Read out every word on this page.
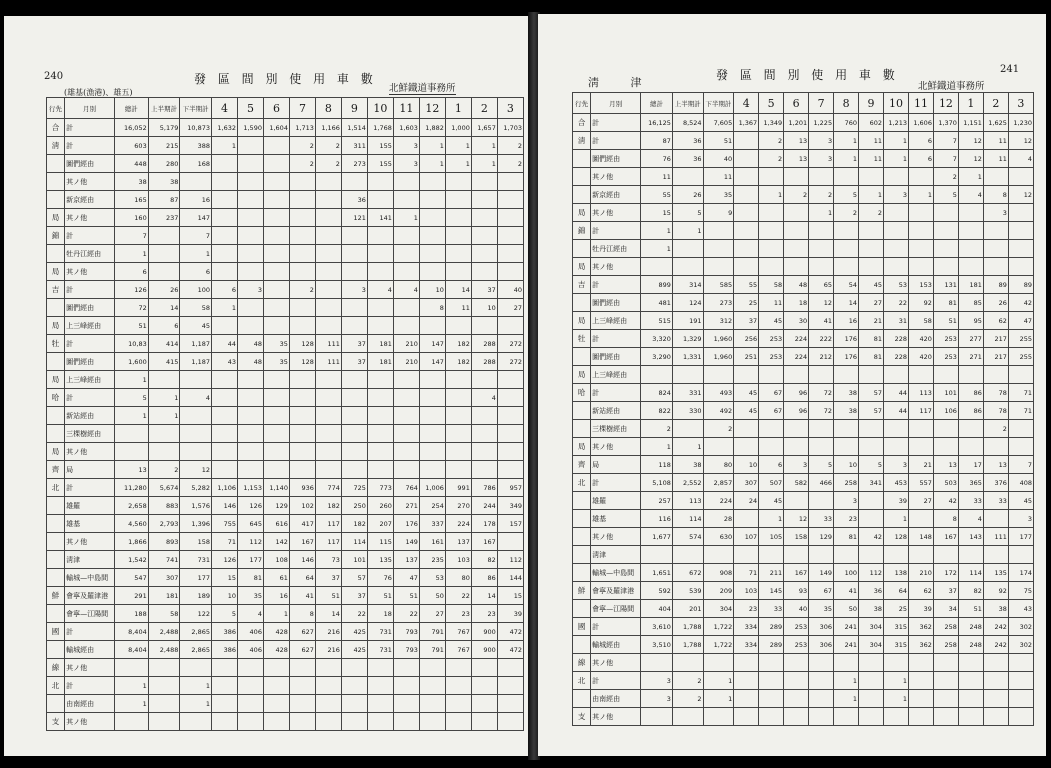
240	發 區 間 別 使 用 車 數
北鮮鐵道事務所
(雄基(漁港)、雄五)
行先	月別	總計	上半期計	下半期計	4	5	6	7	8	9	10	11	12	1	2	3
合	計	16,052	5,179	10,873	1,632	1,590	1,604	1,713	1,166	1,514	1,768	1,603	1,882	1,000	1,657	1,703
淸	計	603	215	388	1			2	2	311	155	3	1	1	1	2
	圖們經由	448	280	168				2	2	273	155	3	1	1	1	2
	其ノ他	38	38													
	新京經由	165	87	16						36						
局	其ノ他	160	237	147						121	141	1				
錦	計	7		7												
	牡丹江經由	1		1												
局	其ノ他	6		6												
吉	計	126	26	100	6	3		2		3	4	4	10	14	37	40
	圖們經由	72	14	58	1								8	11	10	27
局	上三峰經由	51	6	45												
牡	計	10,83	414	1,187	44	48	35	128	111	37	181	210	147	182	288	272
	圖們經由	1,600	415	1,187	43	48	35	128	111	37	181	210	147	182	288	272
局	上三峰經由	1														
哈	計	5	1	4											4	
	新站經由	1	1													
	三棵樹經由															
局	其ノ他															
齊	局	13	2	12												
北	計	11,280	5,674	5,282	1,106	1,153	1,140	936	774	725	773	764	1,006	991	786	957
	雄羅	2,658	883	1,576	146	126	129	102	182	250	260	271	254	270	244	349
	雄基	4,560	2,793	1,396	755	645	616	417	117	182	207	176	337	224	178	157
	其ノ他	1,866	893	158	71	112	142	167	117	114	115	149	161	137	167	
	淸津	1,542	741	731	126	177	108	146	73	101	135	137	235	103	82	112
	輸城—中島間	547	307	177	15	81	61	64	37	57	76	47	53	80	86	144
鮮	會寧及羅津港	291	181	189	10	35	16	41	51	37	51	51	50	22	14	15
	會寧—江陽間	188	58	122	5	4	1	8	14	22	18	22	27	23	23	39
國	計	8,404	2,488	2,865	386	406	428	627	216	425	731	793	791	767	900	472
	輸城經由	8,404	2,488	2,865	386	406	428	627	216	425	731	793	791	767	900	472
線	其ノ他															
北	計	1		1												
	由南經由	1		1												
支	其ノ他															
241
淸 津
發 區 間 別 使 用 車 數
北鮮鐵道事務所
行先	月別	總計	上半期計	下半期計	4	5	6	7	8	9	10	11	12	1	2	3
合	計	16,125	8,524	7,605	1,367	1,349	1,201	1,225	760	602	1,213	1,606	1,370	1,151	1,625	1,230
淸	計	87	36	51		2	13	3	1	11	1	6	7	12	11	12
	圖們經由	76	36	40		2	13	3	1	11	1	6	7	12	11	4
	其ノ他	11		11									2	1		
	新京經由	55	26	35		1	2	2	5	1	3	1	5	4	8	12
局	其ノ他	15	5	9				1	2	2					3	
錦	計	1	1													
	牡丹江經由	1														
局	其ノ他															
吉	計	899	314	585	55	58	48	65	54	45	53	153	131	181	89	89
	圖們經由	481	124	273	25	11	18	12	14	27	22	92	81	85	26	42
局	上三峰經由	515	191	312	37	45	30	41	16	21	31	58	51	95	62	47
牡	計	3,320	1,329	1,960	256	253	224	222	176	81	228	420	253	277	217	255
	圖們經由	3,290	1,331	1,960	251	253	224	212	176	81	228	420	253	271	217	255
局	上三峰經由															
哈	計	824	331	493	45	67	96	72	38	57	44	113	101	86	78	71
	新站經由	822	330	492	45	67	96	72	38	57	44	117	106	86	78	71
	三棵樹經由	2		2											2	
局	其ノ他	1	1													
齊	局	118	38	80	10	6	3	5	10	5	3	21	13	17	13	7
北	計	5,108	2,552	2,857	307	507	582	466	258	341	453	557	503	365	376	408
	雄羅	257	113	224	24	45			3		39	27	42	33	33	45
	雄基	116	114	28		1	12	33	23		1		8	4		3
	其ノ他	1,677	574	630	107	105	158	129	81	42	128	148	167	143	111	177
	淸津															
	輸城—中島間	1,651	672	908	71	211	167	149	100	112	138	210	172	114	135	174
鮮	會寧及羅津港	592	539	209	103	145	93	67	41	36	64	62	37	82	92	75
	會寧—江陽間	404	201	304	23	33	40	35	50	38	25	39	34	51	38	43
國	計	3,610	1,788	1,722	334	289	253	306	241	304	315	362	258	248	242	302
	輸城經由	3,510	1,788	1,722	334	289	253	306	241	304	315	362	258	248	242	302
線	其ノ他															
北	計	3	2	1					1		1					
	由南經由	3	2	1					1		1					
支	其ノ他															
